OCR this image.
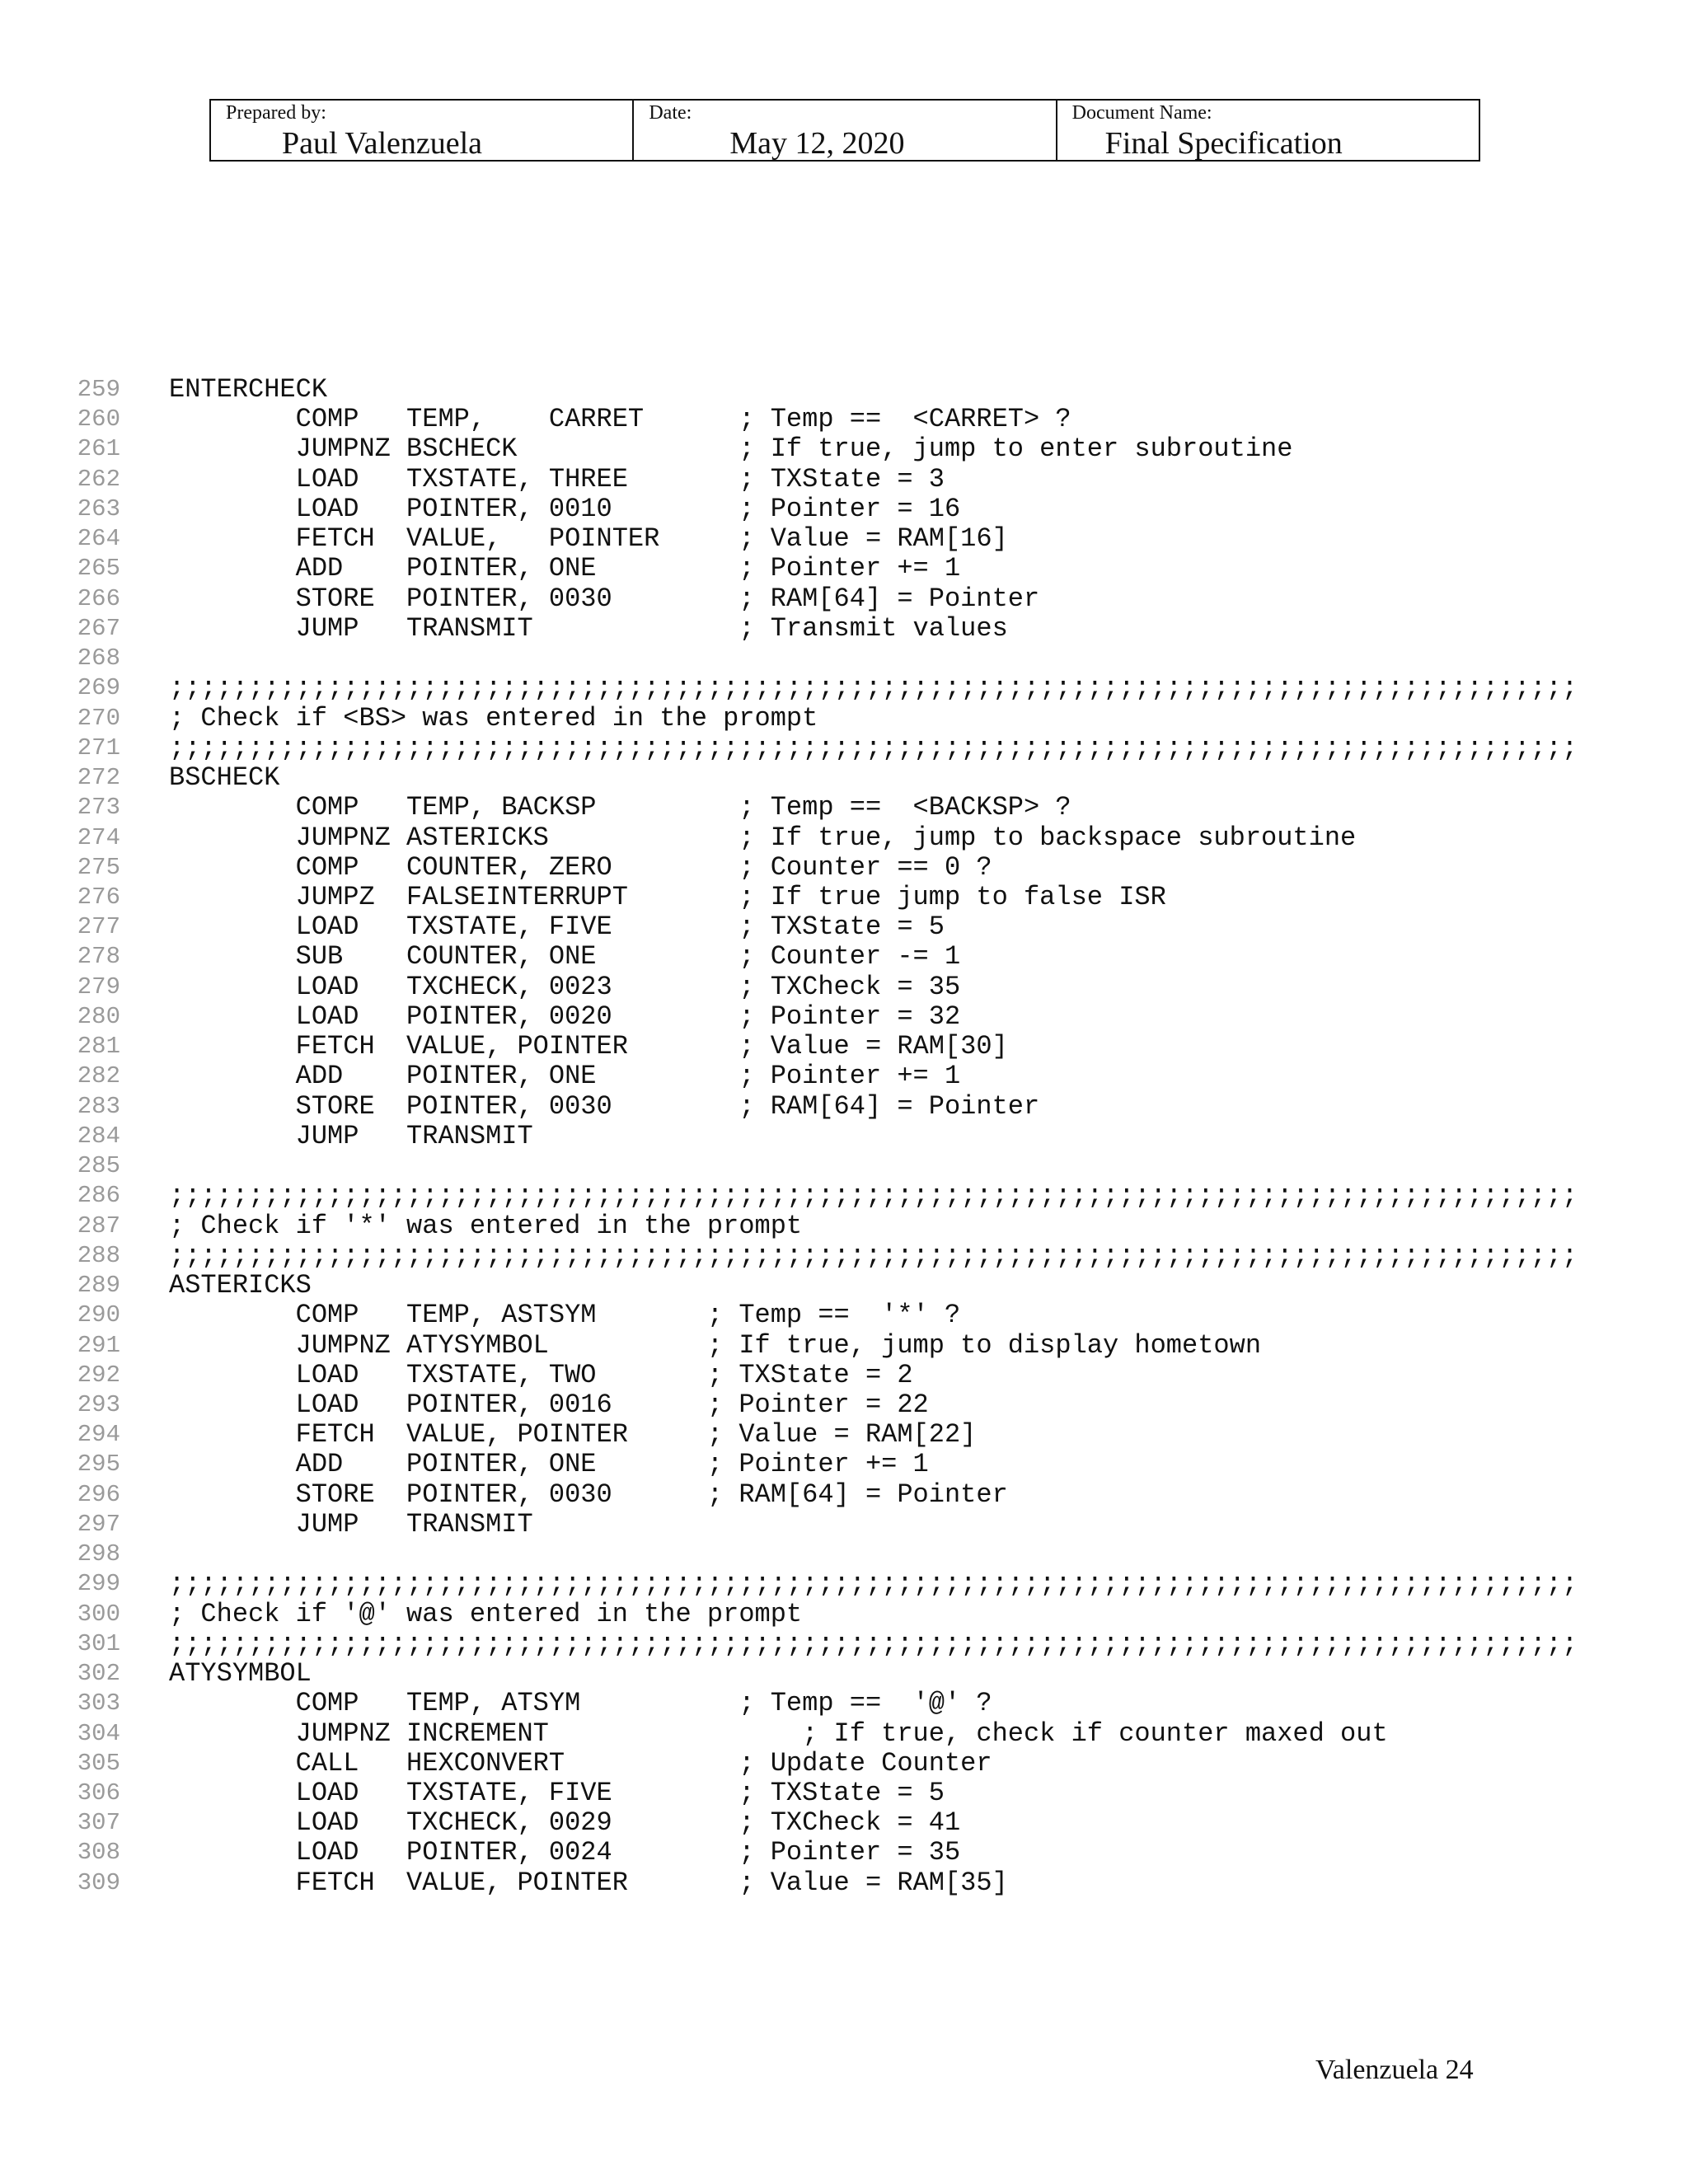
Prepared by:
Paul Valenzuela
Date:
May 12, 2020
Document Name:
Final Specification
259 ENTERCHECK
260 COMP   TEMP,    CARRET      ; Temp ==  <CARRET> ?
261 JUMPNZ BSCHECK              ; If true, jump to enter subroutine
262 LOAD   TXSTATE, THREE       ; TXState = 3
263 LOAD   POINTER, 0010        ; Pointer = 16
264 FETCH  VALUE,   POINTER     ; Value = RAM[16]
265 ADD    POINTER, ONE         ; Pointer += 1
266 STORE  POINTER, 0030        ; RAM[64] = Pointer
267 JUMP   TRANSMIT             ; Transmit values
268
269 ;;;;;;;;;;;;;;;;;;;;;;;;;;;;;;;;;;;;;;;;;;;;;;;;;;;;;;;;;;;;;;;;;;;;;;;;;;;;;;;;;;;;;;;;;
270 ; Check if <BS> was entered in the prompt
271 ;;;;;;;;;;;;;;;;;;;;;;;;;;;;;;;;;;;;;;;;;;;;;;;;;;;;;;;;;;;;;;;;;;;;;;;;;;;;;;;;;;;;;;;;;
272 BSCHECK
273 COMP   TEMP, BACKSP         ; Temp ==  <BACKSP> ?
274 JUMPNZ ASTERICKS            ; If true, jump to backspace subroutine
275 COMP   COUNTER, ZERO        ; Counter == 0 ?
276 JUMPZ  FALSEINTERRUPT       ; If true jump to false ISR
277 LOAD   TXSTATE, FIVE        ; TXState = 5
278 SUB    COUNTER, ONE         ; Counter -= 1
279 LOAD   TXCHECK, 0023        ; TXCheck = 35
280 LOAD   POINTER, 0020        ; Pointer = 32
281 FETCH  VALUE, POINTER       ; Value = RAM[30]
282 ADD    POINTER, ONE         ; Pointer += 1
283 STORE  POINTER, 0030        ; RAM[64] = Pointer
284 JUMP   TRANSMIT
285
286 ;;;;;;;;;;;;;;;;;;;;;;;;;;;;;;;;;;;;;;;;;;;;;;;;;;;;;;;;;;;;;;;;;;;;;;;;;;;;;;;;;;;;;;;;;
287 ; Check if '*' was entered in the prompt
288 ;;;;;;;;;;;;;;;;;;;;;;;;;;;;;;;;;;;;;;;;;;;;;;;;;;;;;;;;;;;;;;;;;;;;;;;;;;;;;;;;;;;;;;;;;
289 ASTERICKS
290 COMP   TEMP, ASTSYM       ; Temp ==  '*' ?
291 JUMPNZ ATYSYMBOL          ; If true, jump to display hometown
292 LOAD   TXSTATE, TWO       ; TXState = 2
293 LOAD   POINTER, 0016      ; Pointer = 22
294 FETCH  VALUE, POINTER     ; Value = RAM[22]
295 ADD    POINTER, ONE       ; Pointer += 1
296 STORE  POINTER, 0030      ; RAM[64] = Pointer
297 JUMP   TRANSMIT
298
299 ;;;;;;;;;;;;;;;;;;;;;;;;;;;;;;;;;;;;;;;;;;;;;;;;;;;;;;;;;;;;;;;;;;;;;;;;;;;;;;;;;;;;;;;;;
300 ; Check if '@' was entered in the prompt
301 ;;;;;;;;;;;;;;;;;;;;;;;;;;;;;;;;;;;;;;;;;;;;;;;;;;;;;;;;;;;;;;;;;;;;;;;;;;;;;;;;;;;;;;;;;
302 ATYSYMBOL
303 COMP   TEMP, ATSYM          ; Temp ==  '@' ?
304 JUMPNZ INCREMENT                ; If true, check if counter maxed out
305 CALL   HEXCONVERT           ; Update Counter
306 LOAD   TXSTATE, FIVE        ; TXState = 5
307 LOAD   TXCHECK, 0029        ; TXCheck = 41
308 LOAD   POINTER, 0024        ; Pointer = 35
309 FETCH  VALUE, POINTER       ; Value = RAM[35]
Valenzuela 24
